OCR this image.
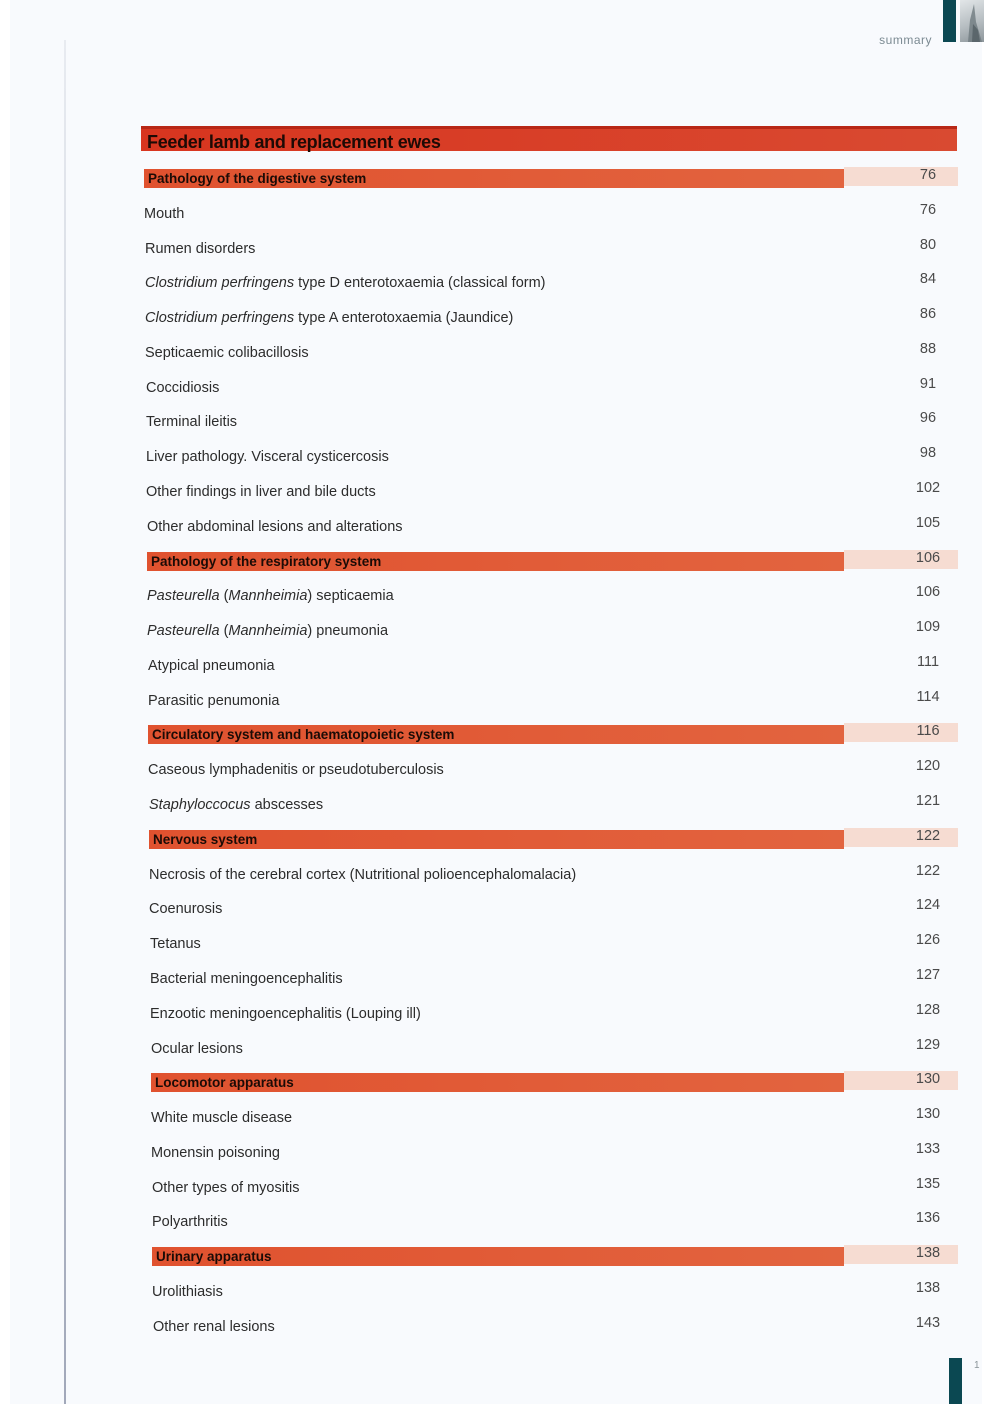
summary
Feeder lamb and replacement ewes
Pathology of the digestive system	76
Mouth	76
Rumen disorders	80
Clostridium perfringens type D enterotoxaemia (classical form)	84
Clostridium perfringens type A enterotoxaemia (Jaundice)	86
Septicaemic colibacillosis	88
Coccidiosis	91
Terminal ileitis	96
Liver pathology. Visceral cysticercosis	98
Other findings in liver and bile ducts	102
Other abdominal lesions and alterations	105
Pathology of the respiratory system	106
Pasteurella (Mannheimia) septicaemia	106
Pasteurella (Mannheimia) pneumonia	109
Atypical pneumonia	111
Parasitic penumonia	114
Circulatory system and haematopoietic system	116
Caseous lymphadenitis or pseudotuberculosis	120
Staphyloccocus abscesses	121
Nervous system	122
Necrosis of the cerebral cortex (Nutritional polioencephalomalacia)	122
Coenurosis	124
Tetanus	126
Bacterial meningoencephalitis	127
Enzootic meningoencephalitis (Louping ill)	128
Ocular lesions	129
Locomotor apparatus	130
White muscle disease	130
Monensin poisoning	133
Other types of myositis	135
Polyarthritis	136
Urinary apparatus	138
Urolithiasis	138
Other renal lesions	143
1
